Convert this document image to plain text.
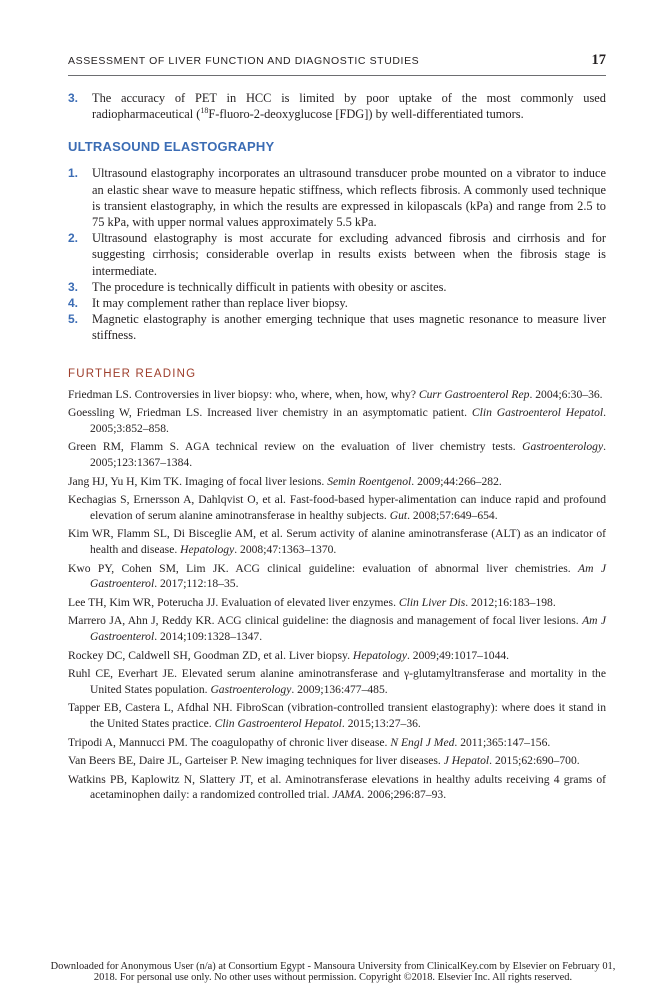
ASSESSMENT OF LIVER FUNCTION AND DIAGNOSTIC STUDIES	17
3. The accuracy of PET in HCC is limited by poor uptake of the most commonly used radiopharmaceutical ($^{18}$F-fluoro-2-deoxyglucose [FDG]) by well-differentiated tumors.
ULTRASOUND ELASTOGRAPHY
1. Ultrasound elastography incorporates an ultrasound transducer probe mounted on a vibrator to induce an elastic shear wave to measure hepatic stiffness, which reflects fibrosis. A commonly used technique is transient elastography, in which the results are expressed in kilopascals (kPa) and range from 2.5 to 75 kPa, with upper normal values approximately 5.5 kPa.
2. Ultrasound elastography is most accurate for excluding advanced fibrosis and cirrhosis and for suggesting cirrhosis; considerable overlap in results exists between when the fibrosis stage is intermediate.
3. The procedure is technically difficult in patients with obesity or ascites.
4. It may complement rather than replace liver biopsy.
5. Magnetic elastography is another emerging technique that uses magnetic resonance to measure liver stiffness.
FURTHER READING
Friedman LS. Controversies in liver biopsy: who, where, when, how, why? Curr Gastroenterol Rep. 2004;6:30–36.
Goessling W, Friedman LS. Increased liver chemistry in an asymptomatic patient. Clin Gastroenterol Hepatol. 2005;3:852–858.
Green RM, Flamm S. AGA technical review on the evaluation of liver chemistry tests. Gastroenterology. 2005;123:1367–1384.
Jang HJ, Yu H, Kim TK. Imaging of focal liver lesions. Semin Roentgenol. 2009;44:266–282.
Kechagias S, Ernersson A, Dahlqvist O, et al. Fast-food-based hyper-alimentation can induce rapid and profound elevation of serum alanine aminotransferase in healthy subjects. Gut. 2008;57:649–654.
Kim WR, Flamm SL, Di Bisceglie AM, et al. Serum activity of alanine aminotransferase (ALT) as an indicator of health and disease. Hepatology. 2008;47:1363–1370.
Kwo PY, Cohen SM, Lim JK. ACG clinical guideline: evaluation of abnormal liver chemistries. Am J Gastroenterol. 2017;112:18–35.
Lee TH, Kim WR, Poterucha JJ. Evaluation of elevated liver enzymes. Clin Liver Dis. 2012;16:183–198.
Marrero JA, Ahn J, Reddy KR. ACG clinical guideline: the diagnosis and management of focal liver lesions. Am J Gastroenterol. 2014;109:1328–1347.
Rockey DC, Caldwell SH, Goodman ZD, et al. Liver biopsy. Hepatology. 2009;49:1017–1044.
Ruhl CE, Everhart JE. Elevated serum alanine aminotransferase and γ-glutamyltransferase and mortality in the United States population. Gastroenterology. 2009;136:477–485.
Tapper EB, Castera L, Afdhal NH. FibroScan (vibration-controlled transient elastography): where does it stand in the United States practice. Clin Gastroenterol Hepatol. 2015;13:27–36.
Tripodi A, Mannucci PM. The coagulopathy of chronic liver disease. N Engl J Med. 2011;365:147–156.
Van Beers BE, Daire JL, Garteiser P. New imaging techniques for liver diseases. J Hepatol. 2015;62:690–700.
Watkins PB, Kaplowitz N, Slattery JT, et al. Aminotransferase elevations in healthy adults receiving 4 grams of acetaminophen daily: a randomized controlled trial. JAMA. 2006;296:87–93.
Downloaded for Anonymous User (n/a) at Consortium Egypt - Mansoura University from ClinicalKey.com by Elsevier on February 01,
2018. For personal use only. No other uses without permission. Copyright ©2018. Elsevier Inc. All rights reserved.
